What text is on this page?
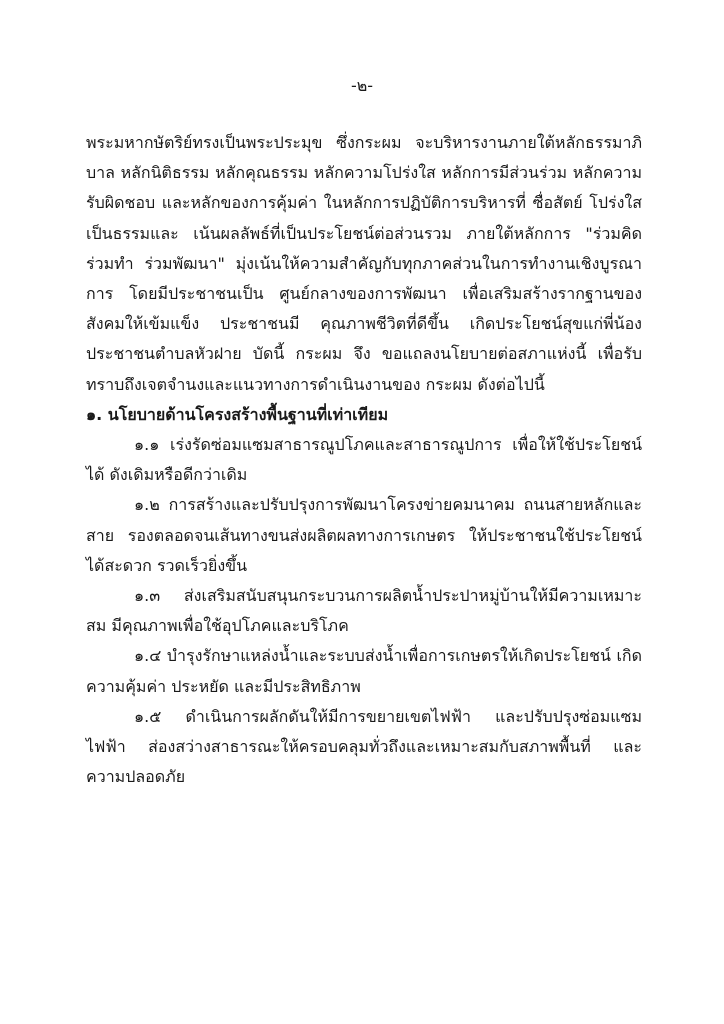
-๒-

พระมหากษัตริย์ทรงเป็นพระประมุข ซึ่งกระผม จะบริหารงานภายใต้หลักธรรมาภิบาล หลักนิติธรรม หลักคุณธรรม หลักความโปร่งใส หลักการมีส่วนร่วม หลักความรับผิดชอบ และหลักของการคุ้มค่า ในหลักการปฏิบัติการบริหารที่ ซื่อสัตย์ โปร่งใส เป็นธรรมและ เน้นผลลัพธ์ที่เป็นประโยชน์ต่อส่วนรวม ภายใต้หลักการ "ร่วมคิด ร่วมทำ ร่วมพัฒนา" มุ่งเน้นให้ความสำคัญกับทุกภาคส่วนในการทำงานเชิงบูรณาการ โดยมีประชาชนเป็น ศูนย์กลางของการพัฒนา เพื่อเสริมสร้างรากฐานของสังคมให้เข้มแข็ง ประชาชนมี คุณภาพชีวิตที่ดีขึ้น เกิดประโยชน์สุขแก่พี่น้องประชาชนตำบลหัวฝาย บัดนี้ กระผม จึง ขอแถลงนโยบายต่อสภาแห่งนี้ เพื่อรับทราบถึงเจตจำนงและแนวทางการดำเนินงานของ กระผม ดังต่อไปนี้

๑. นโยบายด้านโครงสร้างพื้นฐานที่เท่าเทียม

๑.๑ เร่งรัดซ่อมแซมสาธารณูปโภคและสาธารณูปการ เพื่อให้ใช้ประโยชน์ได้ ดังเดิมหรือดีกว่าเดิม

๑.๒ การสร้างและปรับปรุงการพัฒนาโครงข่ายคมนาคม ถนนสายหลักและสาย รองตลอดจนเส้นทางขนส่งผลิตผลทางการเกษตร ให้ประชาชนใช้ประโยชน์ได้สะดวก รวดเร็วยิ่งขึ้น

๑.๓ ส่งเสริมสนับสนุนกระบวนการผลิตน้ำประปาหมู่บ้านให้มีความเหมาะสม มีคุณภาพเพื่อใช้อุปโภคและบริโภค

๑.๔ บำรุงรักษาแหล่งน้ำและระบบส่งน้ำเพื่อการเกษตรให้เกิดประโยชน์ เกิดความคุ้มค่า ประหยัด และมีประสิทธิภาพ

๑.๕ ดำเนินการผลักดันให้มีการขยายเขตไฟฟ้า และปรับปรุงซ่อมแซมไฟฟ้า ส่องสว่างสาธารณะให้ครอบคลุมทั่วถึงและเหมาะสมกับสภาพพื้นที่ และความปลอดภัย
